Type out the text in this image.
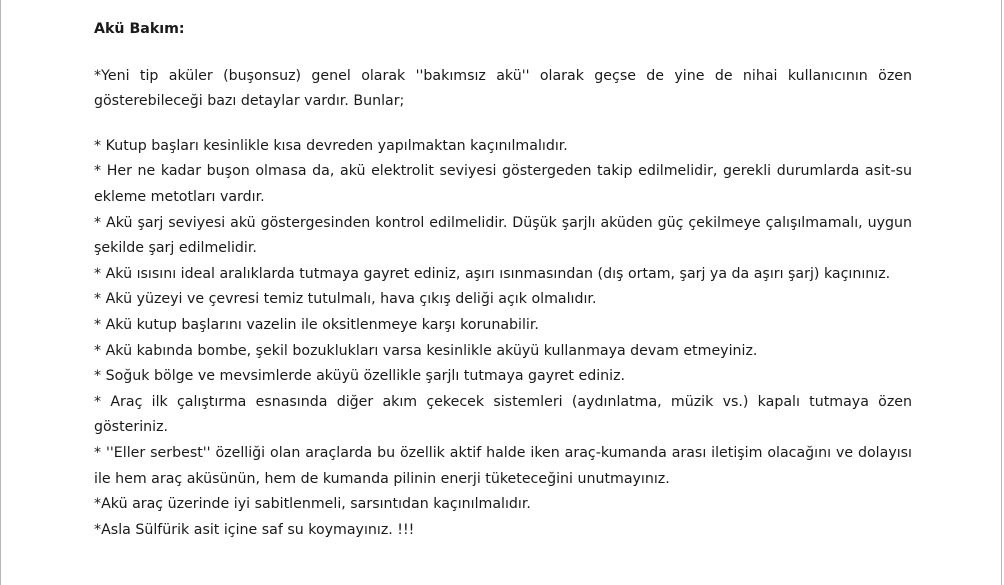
Akü Bakım:

*Yeni tip aküler (buşonsuz) genel olarak ''bakımsız akü'' olarak geçse de yine de nihai kullanıcının özen gösterebileceği bazı detaylar vardır. Bunlar;

* Kutup başları kesinlikle kısa devreden yapılmaktan kaçınılmalıdır.

* Her ne kadar buşon olmasa da, akü elektrolit seviyesi göstergeden takip edilmelidir, gerekli durumlarda asit-su ekleme metotları vardır.

* Akü şarj seviyesi akü göstergesinden kontrol edilmelidir. Düşük şarjlı aküden güç çekilmeye çalışılmamalı, uygun şekilde şarj edilmelidir.

* Akü ısısını ideal aralıklarda tutmaya gayret ediniz, aşırı ısınmasından (dış ortam, şarj ya da aşırı şarj) kaçınınız.

* Akü yüzeyi ve çevresi temiz tutulmalı, hava çıkış deliği açık olmalıdır.

* Akü kutup başlarını vazelin ile oksitlenmeye karşı korunabilir.

* Akü kabında bombe, şekil bozuklukları varsa kesinlikle aküyü kullanmaya devam etmeyiniz.

* Soğuk bölge ve mevsimlerde aküyü özellikle şarjlı tutmaya gayret ediniz.

* Araç ilk çalıştırma esnasında diğer akım çekecek sistemleri (aydınlatma, müzik vs.) kapalı tutmaya özen gösteriniz.

* ''Eller serbest'' özelliği olan araçlarda bu özellik aktif halde iken araç-kumanda arası iletişim olacağını ve dolayısı ile hem araç aküsünün, hem de kumanda pilinin enerji tüketeceğini unutmayınız.

*Akü araç üzerinde iyi sabitlenmeli, sarsıntıdan kaçınılmalıdır.

*Asla Sülfürik asit içine saf su koymayınız. !!!
